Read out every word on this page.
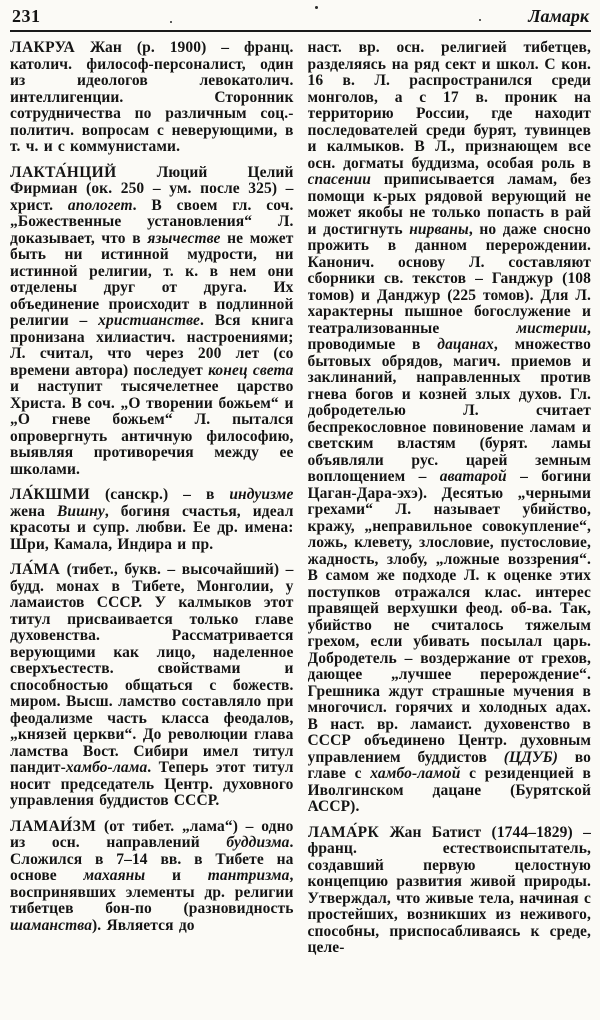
231	Ламарк

ЛАКРУА́ Жан (р. 1900) – франц. католич. философ-персоналист, один из идеологов левокатолич. интеллигенции. Сторонник сотрудничества по различным соц.-политич. вопросам с неверующими, в т. ч. и с коммунистами.

ЛАКТА́НЦИЙ Люций Целий Фирмиан (ок. 250 – ум. после 325) – христ. апологет. В своем гл. соч. „Божественные установления“ Л. доказывает, что в язычестве не может быть ни истинной мудрости, ни истинной религии, т. к. в нем они отделены друг от друга. Их объединение происходит в подлинной религии – христианстве. Вся книга пронизана хилиастич. настроениями; Л. считал, что через 200 лет (со времени автора) последует конец света и наступит тысячелетнее царство Христа. В соч. „О творении божьем“ и „О гневе божьем“ Л. пытался опровергнуть античную философию, выявляя противоречия между ее школами.

ЛА́КШМИ (санскр.) – в индуизме жена Вишну, богиня счастья, идеал красоты и супр. любви. Ее др. имена: Шри, Камала, Индира и пр.

ЛА́МА (тибет., букв. – высочайший) – будд. монах в Тибете, Монголии, у ламаистов СССР. У калмыков этот титул присваивается только главе духовенства. Рассматривается верующими как лицо, наделенное сверхъестеств. свойствами и способностью общаться с божеств. миром. Высш. ламство составляло при феодализме часть класса феодалов, „князей церкви“. До революции глава ламства Вост. Сибири имел титул пандит-хамбо-лама. Теперь этот титул носит председатель Центр. духовного управления буддистов СССР.

ЛАМАИ́ЗМ (от тибет. „лама“) – одно из осн. направлений буддизма. Сложился в 7–14 вв. в Тибете на основе махаяны и тантризма, воспринявших элементы др. религии тибетцев бон-по (разновидность шаманства). Является до

наст. вр. осн. религией тибетцев, разделяясь на ряд сект и школ. С кон. 16 в. Л. распространился среди монголов, а с 17 в. проник на территорию России, где находит последователей среди бурят, тувинцев и калмыков. В Л., признающем все осн. догматы буддизма, особая роль в спасении приписывается ламам, без помощи к-рых рядовой верующий не может якобы не только попасть в рай и достигнуть нирваны, но даже сносно прожить в данном перерождении. Канонич. основу Л. составляют сборники св. текстов – Ганджур (108 томов) и Данджур (225 томов). Для Л. характерны пышное богослужение и театрализованные мистерии, проводимые в дацанах, множество бытовых обрядов, магич. приемов и заклинаний, направленных против гнева богов и козней злых духов. Гл. добродетелью Л. считает беспрекословное повиновение ламам и светским властям (бурят. ламы объявляли рус. царей земным воплощением – аватарой – богини Цаган-Дара-эхэ). Десятью „черными грехами“ Л. называет убийство, кражу, „неправильное совокупление“, ложь, клевету, злословие, пустословие, жадность, злобу, „ложные воззрения“. В самом же подходе Л. к оценке этих поступков отражался клас. интерес правящей верхушки феод. об-ва. Так, убийство не считалось тяжелым грехом, если убивать посылал царь. Добродетель – воздержание от грехов, дающее „лучшее перерождение“. Грешника ждут страшные мучения в многочисл. горячих и холодных адах. В наст. вр. ламаист. духовенство в СССР объединено Центр. духовным управлением буддистов (ЦДУБ) во главе с хамбо-ламой с резиденцией в Иволгинском дацане (Бурятской АССР).

ЛАМА́РК Жан Батист (1744–1829) – франц. естествоиспытатель, создавший первую целостную концепцию развития живой природы. Утверждал, что живые тела, начиная с простейших, возникших из неживого, способны, приспосабливаясь к среде, целе-
